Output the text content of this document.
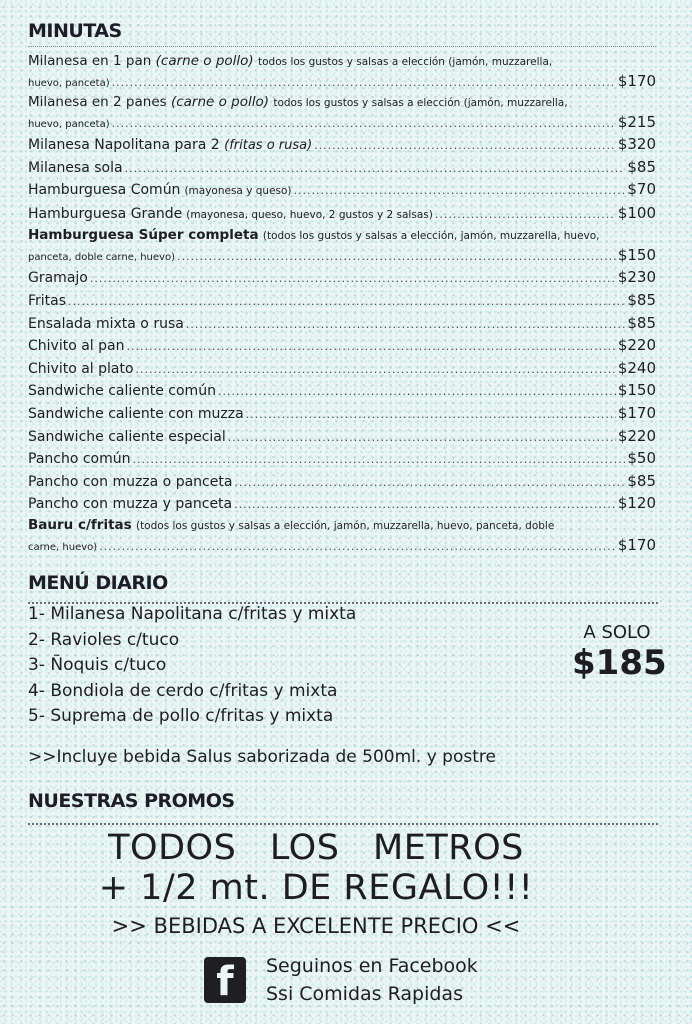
MINUTAS
Milanesa en 1 pan (carne o pollo) todos los gustos y salsas a elección (jamón, muzzarella,
huevo, panceta) .....	$170
Milanesa en 2 panes (carne o pollo) todos los gustos y salsas a elección (jamón, muzzarella,
huevo, panceta) .....	$215
Milanesa Napolitana para 2
(fritas o rusa) .....	$320
Milanesa sola .....	$85
Hamburguesa Común (mayonesa y queso) .....	$70
Hamburguesa Grande (mayonesa, queso, huevo, 2 gustos y 2 salsas) .....	$100
Hamburguesa Súper completa (todos los gustos y salsas a elección, jamón, muzzarella, huevo,
panceta, doble carne, huevo) .....	$150
Gramajo .....	$230
Fritas .....	$85
Ensalada mixta o rusa .....	$85
Chivito al pan .....	$220
Chivito al plato .....	$240
Sandwiche caliente común .....	$150
Sandwiche caliente con muzza .....	$170
Sandwiche caliente especial .....	$220
Pancho común .....	$50
Pancho con muzza o panceta .....	$85
Pancho con muzza y panceta .....	$120
Bauru c/fritas (todos los gustos y salsas a elección, jamón, muzzarella, huevo, panceta, doble
carne, huevo) .....	$170
MENÚ DIARIO
1- Milanesa Napolitana c/fritas y mixta
2- Ravioles c/tuco
3- Ñoquis c/tuco
4- Bondiola de cerdo c/fritas y mixta
5- Suprema de pollo c/fritas y mixta
A SOLO
$185
>>Incluye bebida Salus saborizada de 500ml. y postre
NUESTRAS PROMOS
TODOS LOS METROS
+ 1/2 mt. DE REGALO!!!
>> BEBIDAS A EXCELENTE PRECIO <<
f	Seguinos en Facebook
Ssi Comidas Rapidas
